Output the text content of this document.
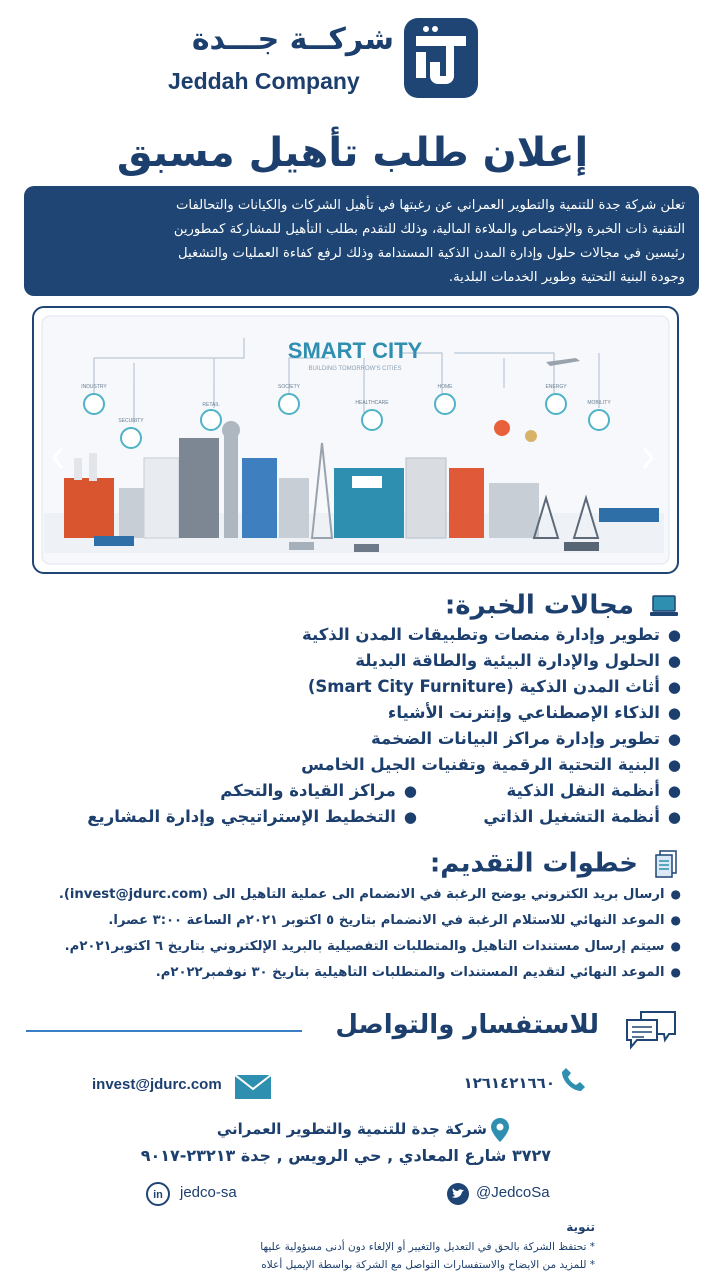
شركــة جـــدة
Jeddah Company
إعلان طلب تأهيل مسبق
تعلن شركة جدة للتنمية والتطوير العمراني عن رغبتها في تأهيل الشركات والكيانات والتحالفات
التقنية ذات الخبرة والإختصاص والملاءة المالية، وذلك للتقدم بطلب التأهيل للمشاركة كمطورين
رئيسين في مجالات حلول وإدارة المدن الذكية المستدامة وذلك لرفع كفاءة العمليات والتشغيل
وجودة البنية التحتية وطوير الخدمات البلدية.
SMART CITY
BUILDING TOMORROW'S CITIES
INDUSTRY
SECURITY
RETAIL
SOCIETY
HEALTHCARE
HOME	ENERGY
MOBILITY
مجالات الخبرة:
●تطوير وإدارة منصات وتطبيقات المدن الذكية
●الحلول والإدارة البيئية والطاقة البديلة
●أثاث المدن الذكية (Smart City Furniture)
●الذكاء الإصطناعي وإنترنت الأشياء
●تطوير وإدارة مراكز البيانات الضخمة
●البنية التحتية الرقمية وتقنيات الجيل الخامس
●أنظمة النقل الذكية
●أنظمة التشغيل الذاتي
●مراكز القيادة والتحكم
●التخطيط الإستراتيجي وإدارة المشاريع
خطوات التقديم:
●ارسال بريد الكتروني يوضح الرغبة في الانضمام الى عملية التأهيل الى (invest@jdurc.com).
●الموعد النهائي للاستلام الرغبة في الانضمام بتاريخ ٥ اكتوبر ٢٠٢١م الساعة ٣:٠٠ عصراً.
●سيتم إرسال مستندات التأهيل والمتطلبات التفصيلية بالبريد الإلكتروني بتاريخ ٦ اكتوبر٢٠٢١م.
●الموعد النهائي لتقديم المستندات والمتطلبات التأهيلية بتاريخ ٣٠ نوفمبر٢٠٢٢م.
للاستفسار والتواصل
١٢٦١٤٢١٦٦٠
invest@jdurc.com
شركة جدة للتنمية والتطوير العمراني
٣٧٢٧ شارع المعادي , حي الرويس , جدة ٢٣٢١٣-٩٠١٧
in jedco-sa	@JedcoSa
تنوية
* تحتفظ الشركة بالحق في التعديل والتغيير أو الإلغاء دون أدنى مسؤولية عليها
* للمزيد من الايضاح والاستفسارات التواصل مع الشركة بواسطة الإيميل أعلاه
